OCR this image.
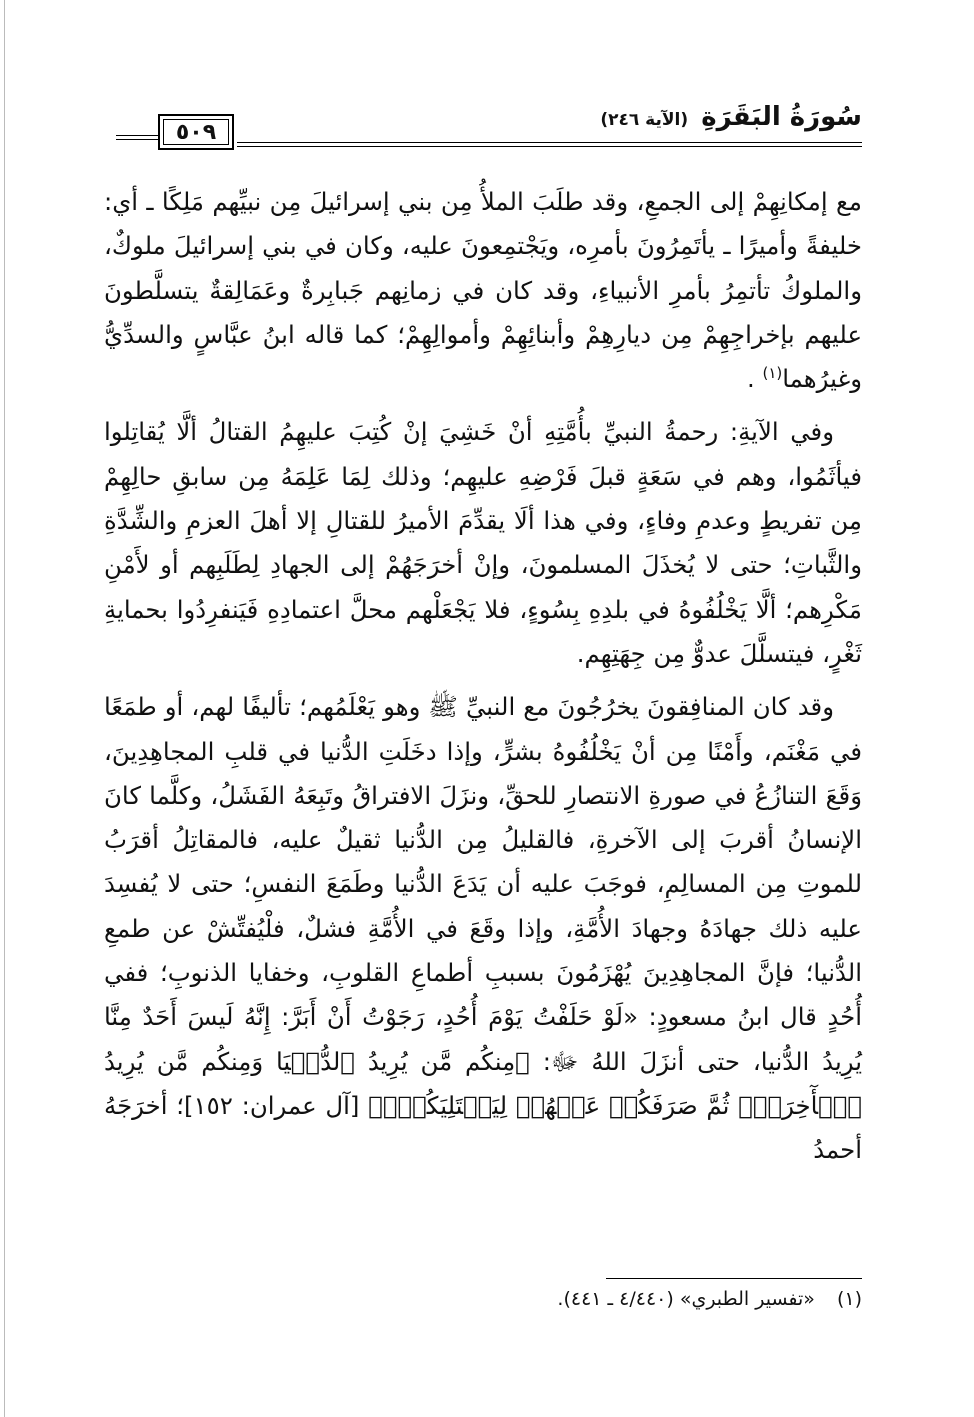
سُورَةُ البَقَرَةِ (الآية ٢٤٦)
٥٠٩

مع إمكانِهِمْ إلى الجمعِ، وقد طلَبَ الملأُ مِن بني إسرائيلَ مِن نبيِّهم مَلِكًا ـ أي: خليفةً وأميرًا ـ يأتَمِرُونَ بأمرِه، ويَجْتمِعونَ عليه، وكان في بني إسرائيلَ ملوكٌ، والملوكُ تأتمِرُ بأمرِ الأنبياءِ، وقد كان في زمانِهم جَبابِرةٌ وعَمَالِقةٌ يتسلَّطونَ عليهم بإخراجِهِمْ مِن ديارِهِمْ وأبنائِهِمْ وأموالِهِمْ؛ كما قاله ابنُ عبَّاسٍ والسدِّيُّ وغيرُهما$^{(١)}$ .

وفي الآيةِ: رحمةُ النبيِّ بأُمَّتِهِ أنْ خَشِيَ إنْ كُتِبَ عليهِمُ القتالُ ألَّا يُقاتِلوا فيأثَمُوا، وهم في سَعَةٍ قبلَ فَرْضِهِ عليهِم؛ وذلك لِمَا عَلِمَهُ مِن سابقِ حالِهِمْ مِن تفريطٍ وعدمِ وفاءٍ، وفي هذا ألَا يقدِّمَ الأميرُ للقتالِ إلا أهلَ العزمِ والشِّدَّةِ والثَّباتِ؛ حتى لا يُخذَلَ المسلمونَ، وإنْ أخرَجَهُمْ إلى الجهادِ لِطَلَبِهم أو لأَمْنِ مَكْرِهم؛ ألَّا يَخْلُفُوهُ في بلدِهِ بِسُوءٍ، فلا يَجْعَلْهم محلَّ اعتمادِهِ فَيَنفرِدُوا بحمايةِ ثَغْرٍ، فيتسلَّلَ عدوٌّ مِن جِهَتِهِم.

وقد كان المنافِقونَ يخرُجُونَ مع النبيِّ ﷺ وهو يَعْلَمُهم؛ تأليفًا لهم، أو طمَعًا في مَغْنَم، وأَمْنًا مِن أنْ يَخْلُفُوهُ بشرٍّ، وإذا دخَلَتِ الدُّنيا في قلبِ المجاهِدِينَ، وَقَعَ التنازُعُ في صورةِ الانتصارِ للحقِّ، ونزَلَ الافتراقُ وتَبِعَهُ الفَشَلُ، وكلَّما كانَ الإنسانُ أقربَ إلى الآخرةِ، فالقليلُ مِن الدُّنيا ثقيلٌ عليه، فالمقاتِلُ أقرَبُ للموتِ مِن المسالِمِ، فوجَبَ عليه أن يَدَعَ الدُّنيا وطَمَعَ النفسِ؛ حتى لا يُفسِدَ عليه ذلك جهادَهُ وجهادَ الأُمَّةِ، وإذا وقَعَ في الأُمَّةِ فشلٌ، فلْيُفتِّشْ عن طمعِ الدُّنيا؛ فإنَّ المجاهِدِينَ يُهْزَمُونَ بسببِ أطماعِ القلوبِ، وخفايا الذنوبِ؛ ففي أُحُدٍ قال ابنُ مسعودٍ: «لَوْ حَلَفْتُ يَوْمَ أُحُدٍ، رَجَوْتُ أَنْ أَبَرَّ: إِنَّهُ لَيسَ أَحَدٌ مِنَّا يُرِيدُ الدُّنيا، حتى أنزَلَ اللهُ ﷻ: ﴿مِنكُم مَّن يُرِيدُ ٱلدُّنۡيَا وَمِنكُم مَّن يُرِيدُ ٱلۡأٓخِرَةَۚ ثُمَّ صَرَفَكُمۡ عَنۡهُمۡ لِيَبۡتَلِيَكُمۡۖ﴾ [آل عمران: ١٥٢]؛ أخرَجَهُ أحمدُ

(١)«تفسير الطبري» (٤/٤٤٠ ـ ٤٤١).
